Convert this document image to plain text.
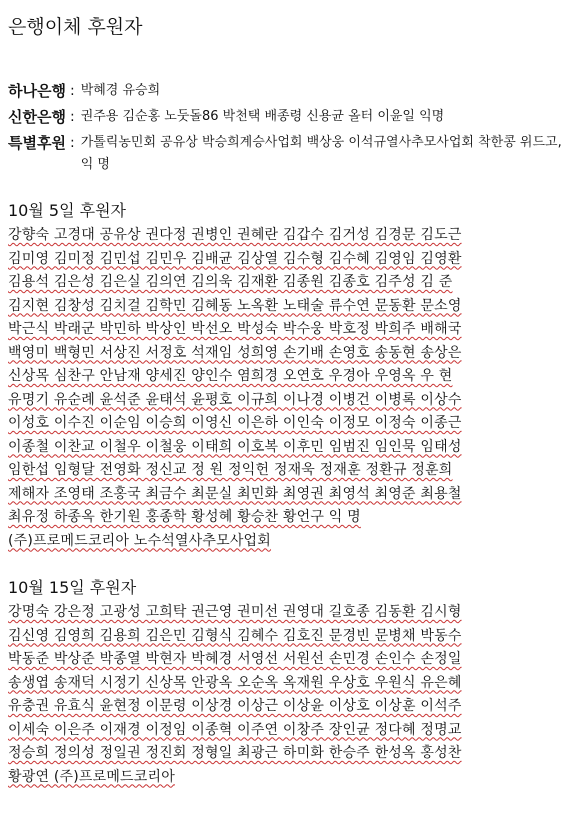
은행이체 후원자
하나은행 : 박혜경 유승희
신한은행 : 권주용 김순홍 노둣돌86 박천택 배종령 신용균 올터 이윤일 익명
특별후원 : 가톨릭농민회 공유상 박승희계승사업회 백상웅 이석규열사추모사업회 착한콩 위드고, 익 명
10월 5일 후원자
강향숙 고경대 공유상 권다정 권병인 권혜란 김갑수 김거성 김경문 김도근
김미영 김미정 김민섭 김민우 김배균 김상열 김수형 김수혜 김영임 김영환
김용석 김은성 김은실 김의연 김의욱 김재환 김종원 김종호 김주성 김 준
김지현 김창성 김치걸 김학민 김혜동 노옥환 노태술 류수연 문동환 문소영
박근식 박래군 박민하 박상인 박선오 박성숙 박수웅 박호정 박희주 배해국
백영미 백형민 서상진 서정호 석재임 성희영 손기배 손영호 송동현 송상은
신상목 심찬구 안남재 양세진 양인수 염희경 오연호 우경아 우영옥 우 현
유명기 유순례 윤석준 윤태석 윤평호 이규희 이나경 이병건 이병록 이상수
이성호 이수진 이순임 이승희 이영신 이은하 이인숙 이정모 이정숙 이종근
이종철 이찬교 이철우 이철웅 이태희 이호복 이후민 임범진 임인묵 임태성
임한섭 임형달 전영화 정신교 정 원 정익헌 정재욱 정재훈 정환규 정훈희
제해자 조영태 조홍국 최금수 최문실 최민화 최영권 최영석 최영준 최용철
최유정 하종옥 한기원 홍종학 황성혜 황승찬 황언구 익 명
(주)프로메드코리아 노수석열사추모사업회
10월 15일 후원자
강명숙 강은정 고광성 고희탁 권근영 권미선 권영대 길호종 김동환 김시형
김신영 김영희 김용희 김은민 김형식 김혜수 김호진 문경빈 문병채 박동수
박동준 박상준 박종열 박현자 박혜경 서영선 서원선 손민경 손인수 손정일
송생엽 송재덕 시정기 신상목 안광옥 오순옥 옥재원 우상호 우원식 유은혜
유충권 유효식 윤현정 이문령 이상경 이상근 이상윤 이상호 이상훈 이석주
이세숙 이은주 이재경 이정임 이종혁 이주연 이창주 장인균 정다혜 정명교
정승희 정의성 정일권 정진회 정형일 최광근 하미화 한승주 한성옥 홍성찬
황광연 (주)프로메드코리아
